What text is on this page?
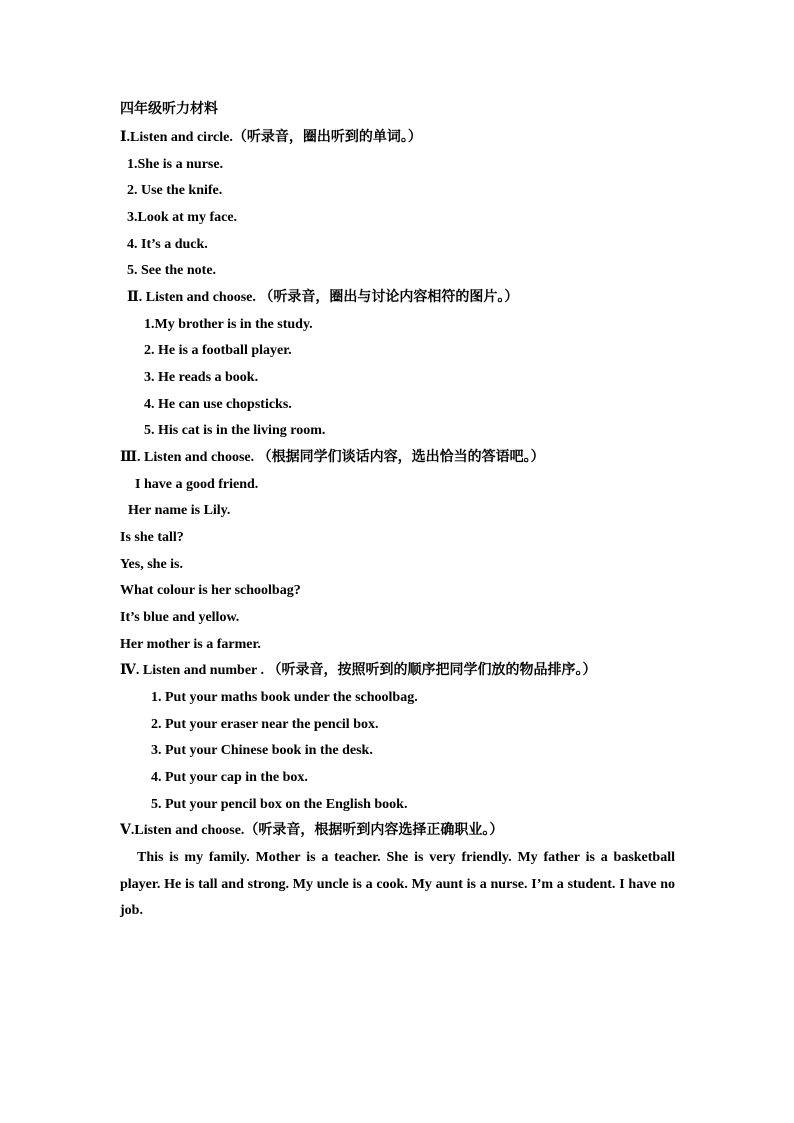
四年级听力材料
Ⅰ.Listen and circle.（听录音，圈出听到的单词。）
1.She is a nurse.
2. Use the knife.
3.Look at my face.
4. It’s a duck.
5. See the note.
Ⅱ. Listen and choose. （听录音，圈出与讨论内容相符的图片。）
1.My brother is in the study.
2. He is a football player.
3. He reads a book.
4. He can use chopsticks.
5. His cat is in the living room.
Ⅲ. Listen and choose. （根据同学们谈话内容，选出恰当的答语吧。）
I have a good friend.
Her name is Lily.
Is she tall?
Yes, she is.
What colour is her schoolbag?
It’s blue and yellow.
Her mother is a farmer.
Ⅳ. Listen and number . （听录音，按照听到的顺序把同学们放的物品排序。）
1. Put your maths book under the schoolbag.
2. Put your eraser near the pencil box.
3. Put your Chinese book in the desk.
4. Put your cap in the box.
5. Put your pencil box on the English book.
Ⅴ.Listen and choose.（听录音，根据听到内容选择正确职业。）
This is my family. Mother is a teacher. She is very friendly. My father is a basketball player. He is tall and strong. My uncle is a cook. My aunt is a nurse. I’m a student. I have no job.
